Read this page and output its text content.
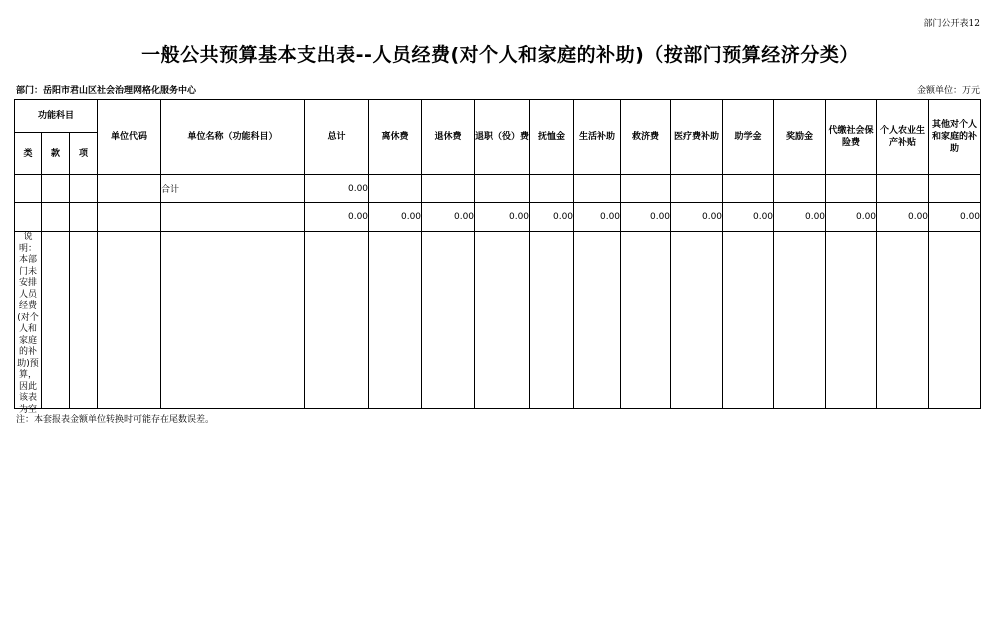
部门公开表12
一般公共预算基本支出表--人员经费(对个人和家庭的补助)（按部门预算经济分类）
部门：岳阳市君山区社会治理网格化服务中心	金额单位：万元
功能科目			单位代码	单位名称（功能科目）	总计	离休费	退休费	退职（役）费	抚恤金	生活补助	救济费	医疗费补助	助学金	奖励金	代缴社会保险费	个人农业生产补贴	其他对个人和家庭的补助
类	款	项															
				合计	0.00												
					0.00	0.00	0.00	0.00	0.00	0.00	0.00	0.00	0.00	0.00	0.00	0.00	0.00

说明：本部门未安排人员经费(对个人和家庭的补助)预算，因此该表为空																	

注：本套报表金额单位转换时可能存在尾数误差。
